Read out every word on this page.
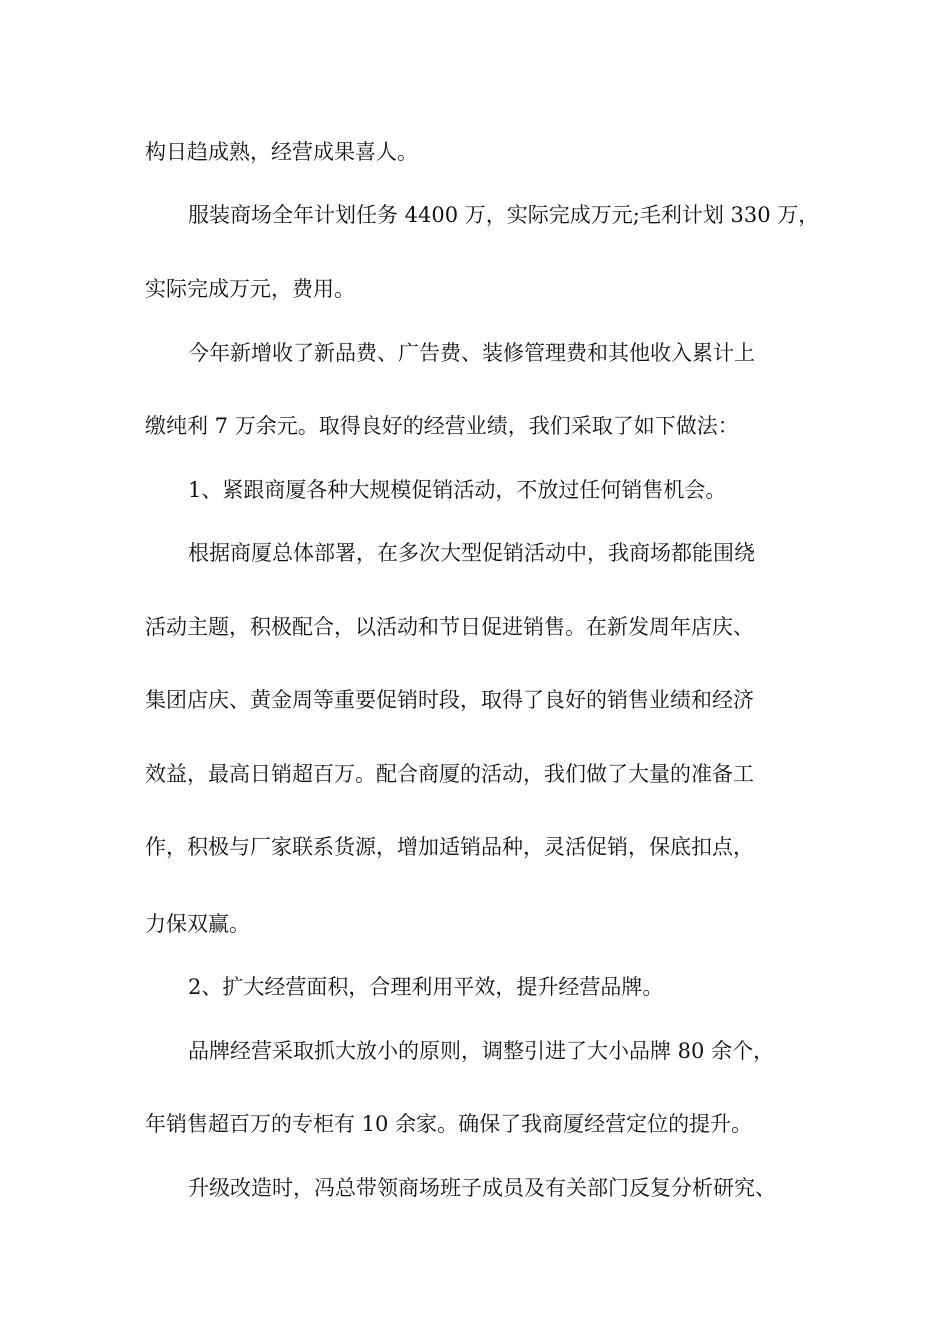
构日趋成熟，经营成果喜人。

服装商场全年计划任务 4400 万，实际完成万元;毛利计划 330 万，

实际完成万元，费用。

今年新增收了新品费、广告费、装修管理费和其他收入累计上

缴纯利 7 万余元。取得良好的经营业绩，我们采取了如下做法：

1、紧跟商厦各种大规模促销活动，不放过任何销售机会。

根据商厦总体部署，在多次大型促销活动中，我商场都能围绕

活动主题，积极配合，以活动和节日促进销售。在新发周年店庆、

集团店庆、黄金周等重要促销时段，取得了良好的销售业绩和经济

效益，最高日销超百万。配合商厦的活动，我们做了大量的准备工

作，积极与厂家联系货源，增加适销品种，灵活促销，保底扣点，

力保双赢。

2、扩大经营面积，合理利用平效，提升经营品牌。

品牌经营采取抓大放小的原则，调整引进了大小品牌 80 余个，

年销售超百万的专柜有 10 余家。确保了我商厦经营定位的提升。

升级改造时，冯总带领商场班子成员及有关部门反复分析研究、
